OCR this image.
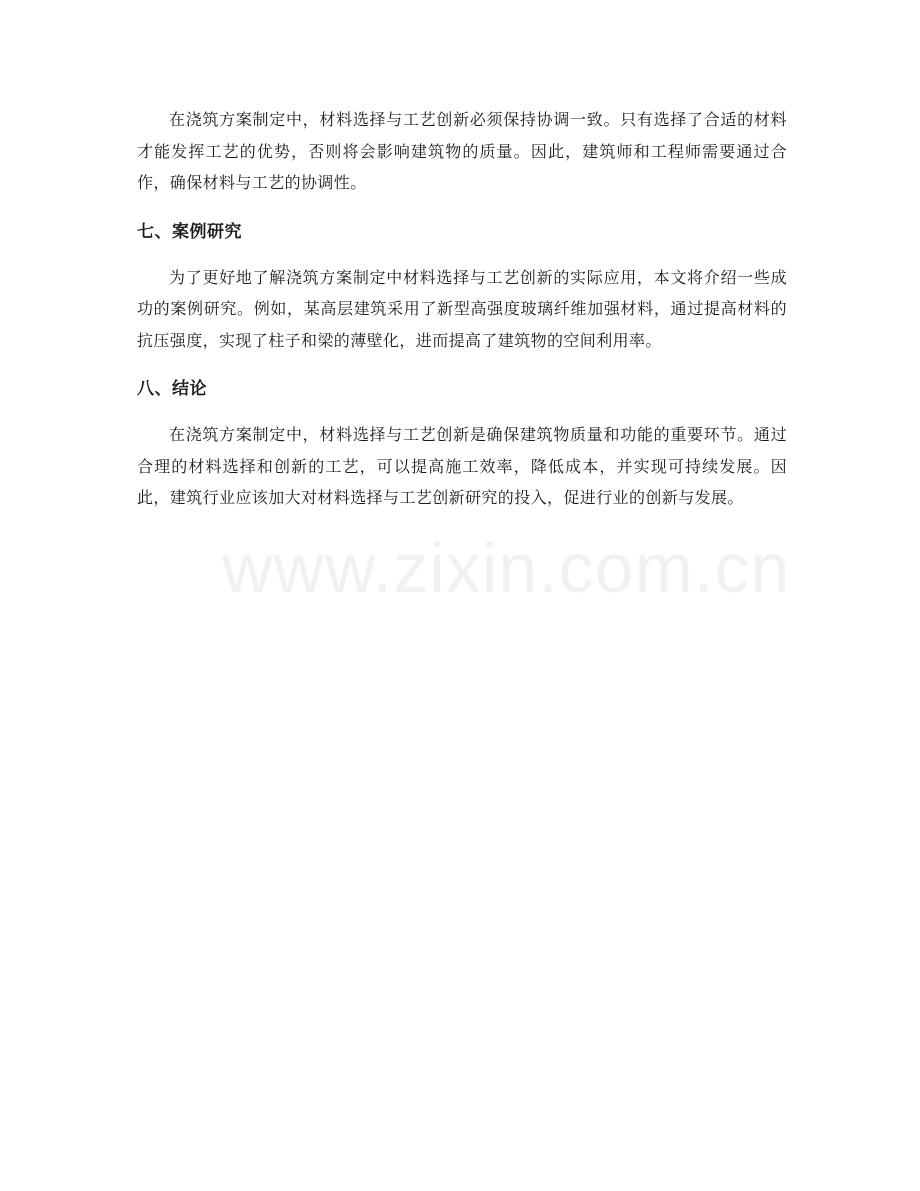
在浇筑方案制定中，材料选择与工艺创新必须保持协调一致。只有选择了合适的材料才能发挥工艺的优势，否则将会影响建筑物的质量。因此，建筑师和工程师需要通过合作，确保材料与工艺的协调性。

七、案例研究

为了更好地了解浇筑方案制定中材料选择与工艺创新的实际应用，本文将介绍一些成功的案例研究。例如，某高层建筑采用了新型高强度玻璃纤维加强材料，通过提高材料的抗压强度，实现了柱子和梁的薄壁化，进而提高了建筑物的空间利用率。

八、结论

在浇筑方案制定中，材料选择与工艺创新是确保建筑物质量和功能的重要环节。通过合理的材料选择和创新的工艺，可以提高施工效率，降低成本，并实现可持续发展。因此，建筑行业应该加大对材料选择与工艺创新研究的投入，促进行业的创新与发展。

www.zixin.com.cn
